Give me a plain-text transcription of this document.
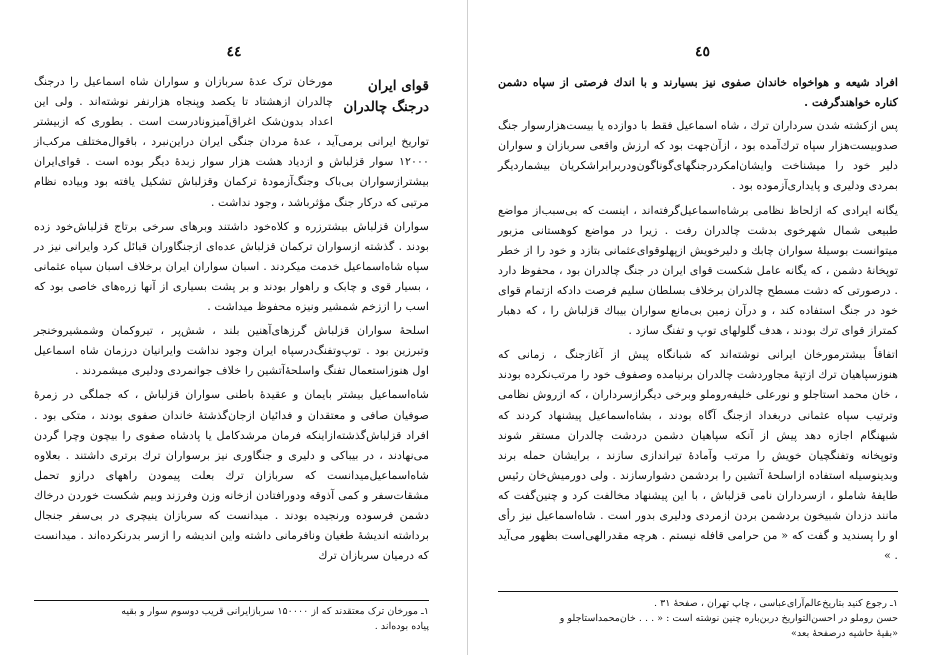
٤٤
قوای ایران
درجنگ چالدران

مورخان ترک عدهٔ سربازان و سواران شاه اسماعیل را درجنگ چالدران ازهشتاد تا یکصد وپنجاه هزارنفر نوشته‌اند . ولی این اعداد بدون‌شک اغراق‌آمیزونادرست است . بطوری که ازبیشتر تواریخ ایرانی برمی‌آید ، عدهٔ مردان جنگی ایران دراین‌نبرد ، باقوال‌مختلف مرکب‌از ۱۲۰۰۰ سوار قزلباش و ازدیاد هشت هزار سوار زبدهٔ دیگر بوده است . قوای‌ایران بیشترازسواران بی‌باک وجنگ‌آزمودهٔ ترکمان وقزلباش تشکیل یافته بود وبیاده نظام مرتبی که دركار جنگ مؤثرباشد ، وجود نداشت .

سواران قزلباش بیشترزره و کلاه‌خود داشتند وبرهای سرخی برتاج قزلباش‌خود زده بودند . گذشته ازسواران ترکمان قزلباش عده‌ای ازجنگاوران قبائل کرد وایرانی نیز در سپاه شاه‌اسماعیل خدمت میکردند . اسبان سواران ایران برخلاف اسبان سپاه عثمانی ، بسیار قوی و چابک و راهوار بودند و بر پشت بسیاری از آنها زره‌های خاصی بود که اسب را اززخم شمشیر ونیزه محفوظ میداشت .

اسلحهٔ سواران قزلباش گرزهای‌آهنین بلند ، شش‌پر ، تیروکمان وشمشیروخنجر وتبرزین بود . توپ‌وتفنگ‌درسپاه ایران وجود نداشت وایرانیان درزمان شاه اسماعیل اول هنوزاستعمال تفنگ واسلحهٔ‌آتشین را خلاف جوانمردی ودلیری میشمردند .

شاه‌اسماعیل بیشتر بایمان و عقیدهٔ باطنی سواران قزلباش ، که جملگی در زمرهٔ صوفیان صافی و معتقدان و فدائیان ازجان‌گذشتهٔ خاندان صفوی بودند ، متکی بود . افراد قزلباش‌گذشته‌ازاینکه فرمان مرشدکامل یا پادشاه صفوی را بیچون وچرا گردن می‌نهادند ، در بیباکی و دلیری و جنگاوری نیز برسواران ترك برتری داشتند . بعلاوه شاه‌اسماعیل‌میدانست که سربازان ترك بعلت پیمودن راههای درازو تحمل مشقات‌سفر و کمی آذوقه ودورافتادن ازخانه وزن وفرزند وبیم شکست خوردن درخاك دشمن فرسوده ورنجیده بودند . میدانست که سربازان ینیچری در بی‌سفر جنجال برداشته اندیشهٔ طغیان ونافرمانی داشته واین اندیشه را ازسر بدرنکرده‌اند . میدانست که درمیان سربازان ترك

۱ـ مورخان ترک معتقدند که از ۱۵۰۰۰۰ سربازایرانی قریب دوسوم سوار و بقیه
پیاده بوده‌اند .
٤٥

افراد شیعه و هواخواه خاندان صفوی نیز بسیارند و با اندك فرصتی از سپاه دشمن کناره خواهندگرفت .

پس ازکشته شدن سرداران ترك ، شاه اسماعیل فقط با دوازده یا بیست‌هزارسوار جنگ صدوبیست‌هزار سپاه ترك‌آمده بود ، ازآن‌جهت بود که ارزش واقعی سربازان و سواران دلیر خود را میشناخت وایشان‌امکردرجنگهای‌گوناگون‌ودربرابراشکریان بیشماردیگر بمردی ودلیری و پایداری‌آزموده بود .

یگانه ایرادی که ازلحاظ نظامی برشاه‌اسماعیل‌گرفته‌اند ، اینست که بی‌سبب‌از مواضع طبیعی شمال شهرخوی بدشت چالدران رفت . زیرا در مواضع کوهستانی مزبور میتوانست بوسیلهٔ سواران چابك و دلیرخویش ازپهلوقوای‌عثمانی بتازد و خود را از خطر توپخانهٔ دشمن ، که یگانه عامل شکست قوای ایران در جنگ چالدران بود ، محفوظ دارد . درصورتی که دشت مسطح چالدران برخلاف بسلطان سلیم فرصت دادکه ازتمام قوای خود در جنگ استفاده کند ، و درآن زمین بی‌مانع سواران بیباك قزلباش را ، که دهبار کمتراز قوای ترك بودند ، هدف گلولهای توپ و تفنگ سازد .

اتفاقاً بیشترمورخان ایرانی نوشته‌اند که شبانگاه پیش از آغازجنگ ، زمانی که هنوزسپاهیان ترك ازتپهٔ مجاوردشت چالدران برنیامده وصفوف خود را مرتب‌نکرده بودند ، خان محمد استاجلو و نورعلی خلیفه‌روملو وبرخی دیگرازسرداران ، که ازروش نظامی وترتیب سپاه عثمانی دربغداد ازجنگ آگاه بودند ، بشاه‌اسماعیل پیشنهاد کردند که شبهنگام اجازه دهد پیش از آنکه سپاهیان دشمن دردشت چالدران مستقر شوند وتوپخانه وتفنگچیان خویش را مرتب وآمادهٔ تیراندازی سازند ، برایشان حمله برند وبدینوسیله استفاده ازاسلحهٔ آتشین را بردشمن دشوارسازند . ولی دورمیش‌خان رئیس طایفهٔ شاملو ، ازسرداران نامی قزلباش ، با این پیشنهاد مخالفت کرد و چنین‌گفت که مانند دزدان شبیخون بردشمن بردن ازمردی ودلیری بدور است . شاه‌اسماعیل نیز رأی او را پسندید و گفت که « من حرامی قافله نیستم . هرچه مقدرالهی‌است بظهور می‌آید . »

۱ـ رجوع کنید بتاریخ‌عالم‌آرای‌عباسی ، چاپ تهران ، صفحهٔ ۳۱ .
حسن روملو در احسن‌التواریخ دربن‌باره چنین نوشته است : « . . . خان‌محمداستاجلو و
«بقیهٔ حاشیه درصفحهٔ بعد»
